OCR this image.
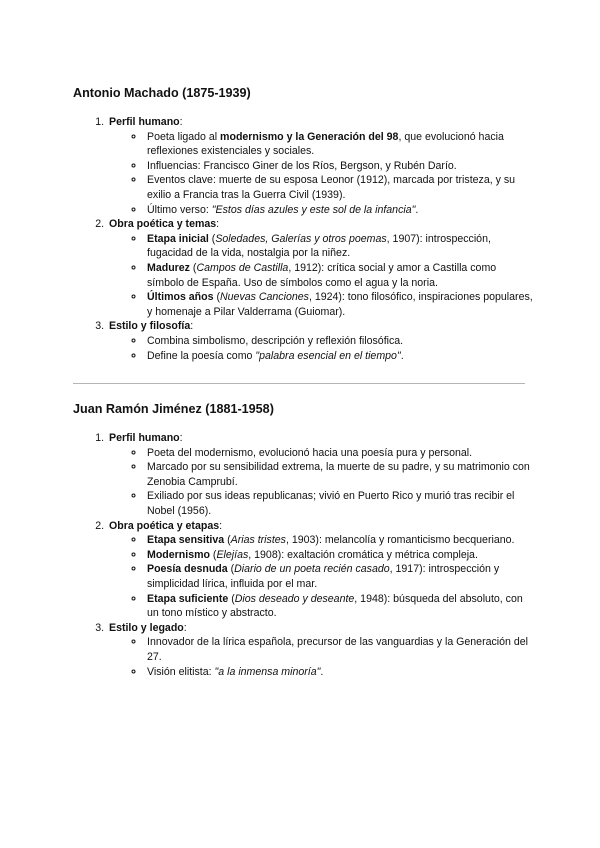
Antonio Machado (1875-1939)
1. Perfil humano:
◦ Poeta ligado al modernismo y la Generación del 98, que evolucionó hacia reflexiones existenciales y sociales.
◦ Influencias: Francisco Giner de los Ríos, Bergson, y Rubén Darío.
◦ Eventos clave: muerte de su esposa Leonor (1912), marcada por tristeza, y su exilio a Francia tras la Guerra Civil (1939).
◦ Último verso: "Estos días azules y este sol de la infancia".
2. Obra poética y temas:
◦ Etapa inicial (Soledades, Galerías y otros poemas, 1907): introspección, fugacidad de la vida, nostalgia por la niñez.
◦ Madurez (Campos de Castilla, 1912): crítica social y amor a Castilla como símbolo de España. Uso de símbolos como el agua y la noria.
◦ Últimos años (Nuevas Canciones, 1924): tono filosófico, inspiraciones populares, y homenaje a Pilar Valderrama (Guiomar).
3. Estilo y filosofía:
◦ Combina simbolismo, descripción y reflexión filosófica.
◦ Define la poesía como "palabra esencial en el tiempo".
Juan Ramón Jiménez (1881-1958)
1. Perfil humano:
◦ Poeta del modernismo, evolucionó hacia una poesía pura y personal.
◦ Marcado por su sensibilidad extrema, la muerte de su padre, y su matrimonio con Zenobia Camprubí.
◦ Exiliado por sus ideas republicanas; vivió en Puerto Rico y murió tras recibir el Nobel (1956).
2. Obra poética y etapas:
◦ Etapa sensitiva (Arias tristes, 1903): melancolía y romanticismo becqueriano.
◦ Modernismo (Elejías, 1908): exaltación cromática y métrica compleja.
◦ Poesía desnuda (Diario de un poeta recién casado, 1917): introspección y simplicidad lírica, influida por el mar.
◦ Etapa suficiente (Dios deseado y deseante, 1948): búsqueda del absoluto, con un tono místico y abstracto.
3. Estilo y legado:
◦ Innovador de la lírica española, precursor de las vanguardias y la Generación del 27.
◦ Visión elitista: "a la inmensa minoría".
